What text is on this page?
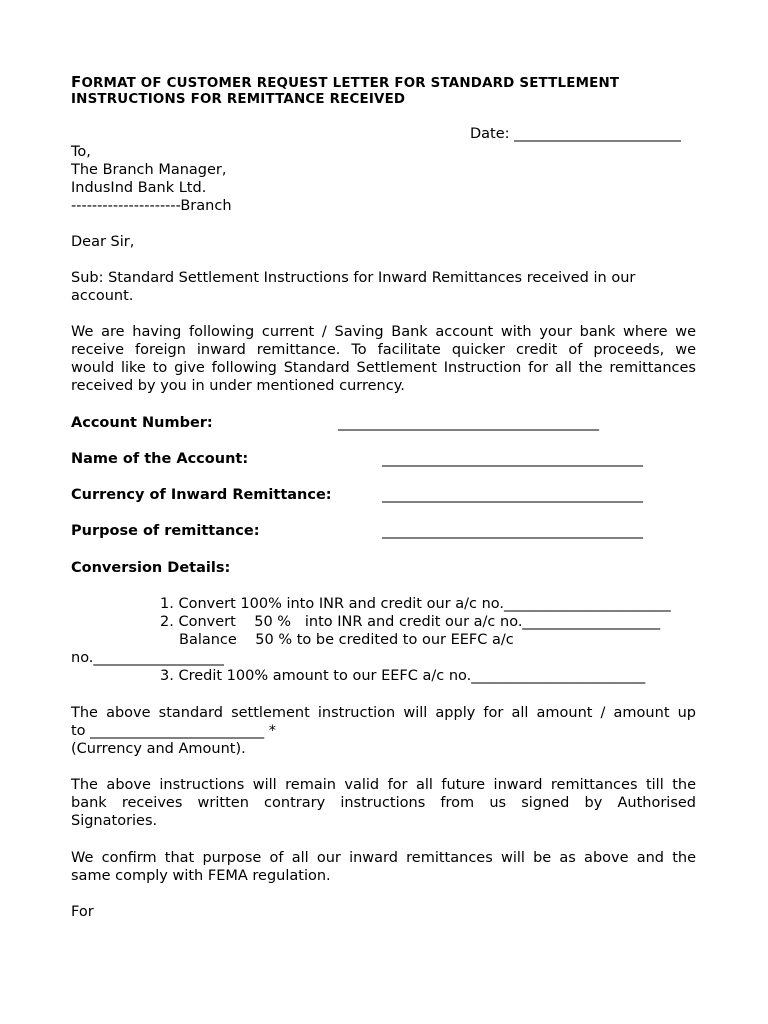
FORMAT OF CUSTOMER REQUEST LETTER FOR STANDARD SETTLEMENT
INSTRUCTIONS FOR REMITTANCE RECEIVED
Date: _______________________
To,
The Branch Manager,
IndusInd Bank Ltd.
---------------------Branch
Dear Sir,
Sub: Standard Settlement Instructions for Inward Remittances received in our
account.
We are having following current / Saving Bank account with your bank where we
receive foreign inward remittance. To facilitate quicker credit of proceeds, we
would like to give following Standard Settlement Instruction for all the remittances
received by you in under mentioned currency.
Account Number:	____________________________________
Name of the Account:	____________________________________
Currency of Inward Remittance:	____________________________________
Purpose of remittance:	____________________________________
Conversion Details:
1. Convert 100% into INR and credit our a/c no._______________________
2. Convert    50 %   into INR and credit our a/c no.___________________
Balance    50 % to be credited to our EEFC a/c
no.__________________
3. Credit 100% amount to our EEFC a/c no.________________________
The above standard settlement instruction will apply for all amount / amount up
to ________________________ *
(Currency and Amount).
The above instructions will remain valid for all future inward remittances till the
bank receives written contrary instructions from us signed by Authorised
Signatories.
We confirm that purpose of all our inward remittances will be as above and the
same comply with FEMA regulation.
For
